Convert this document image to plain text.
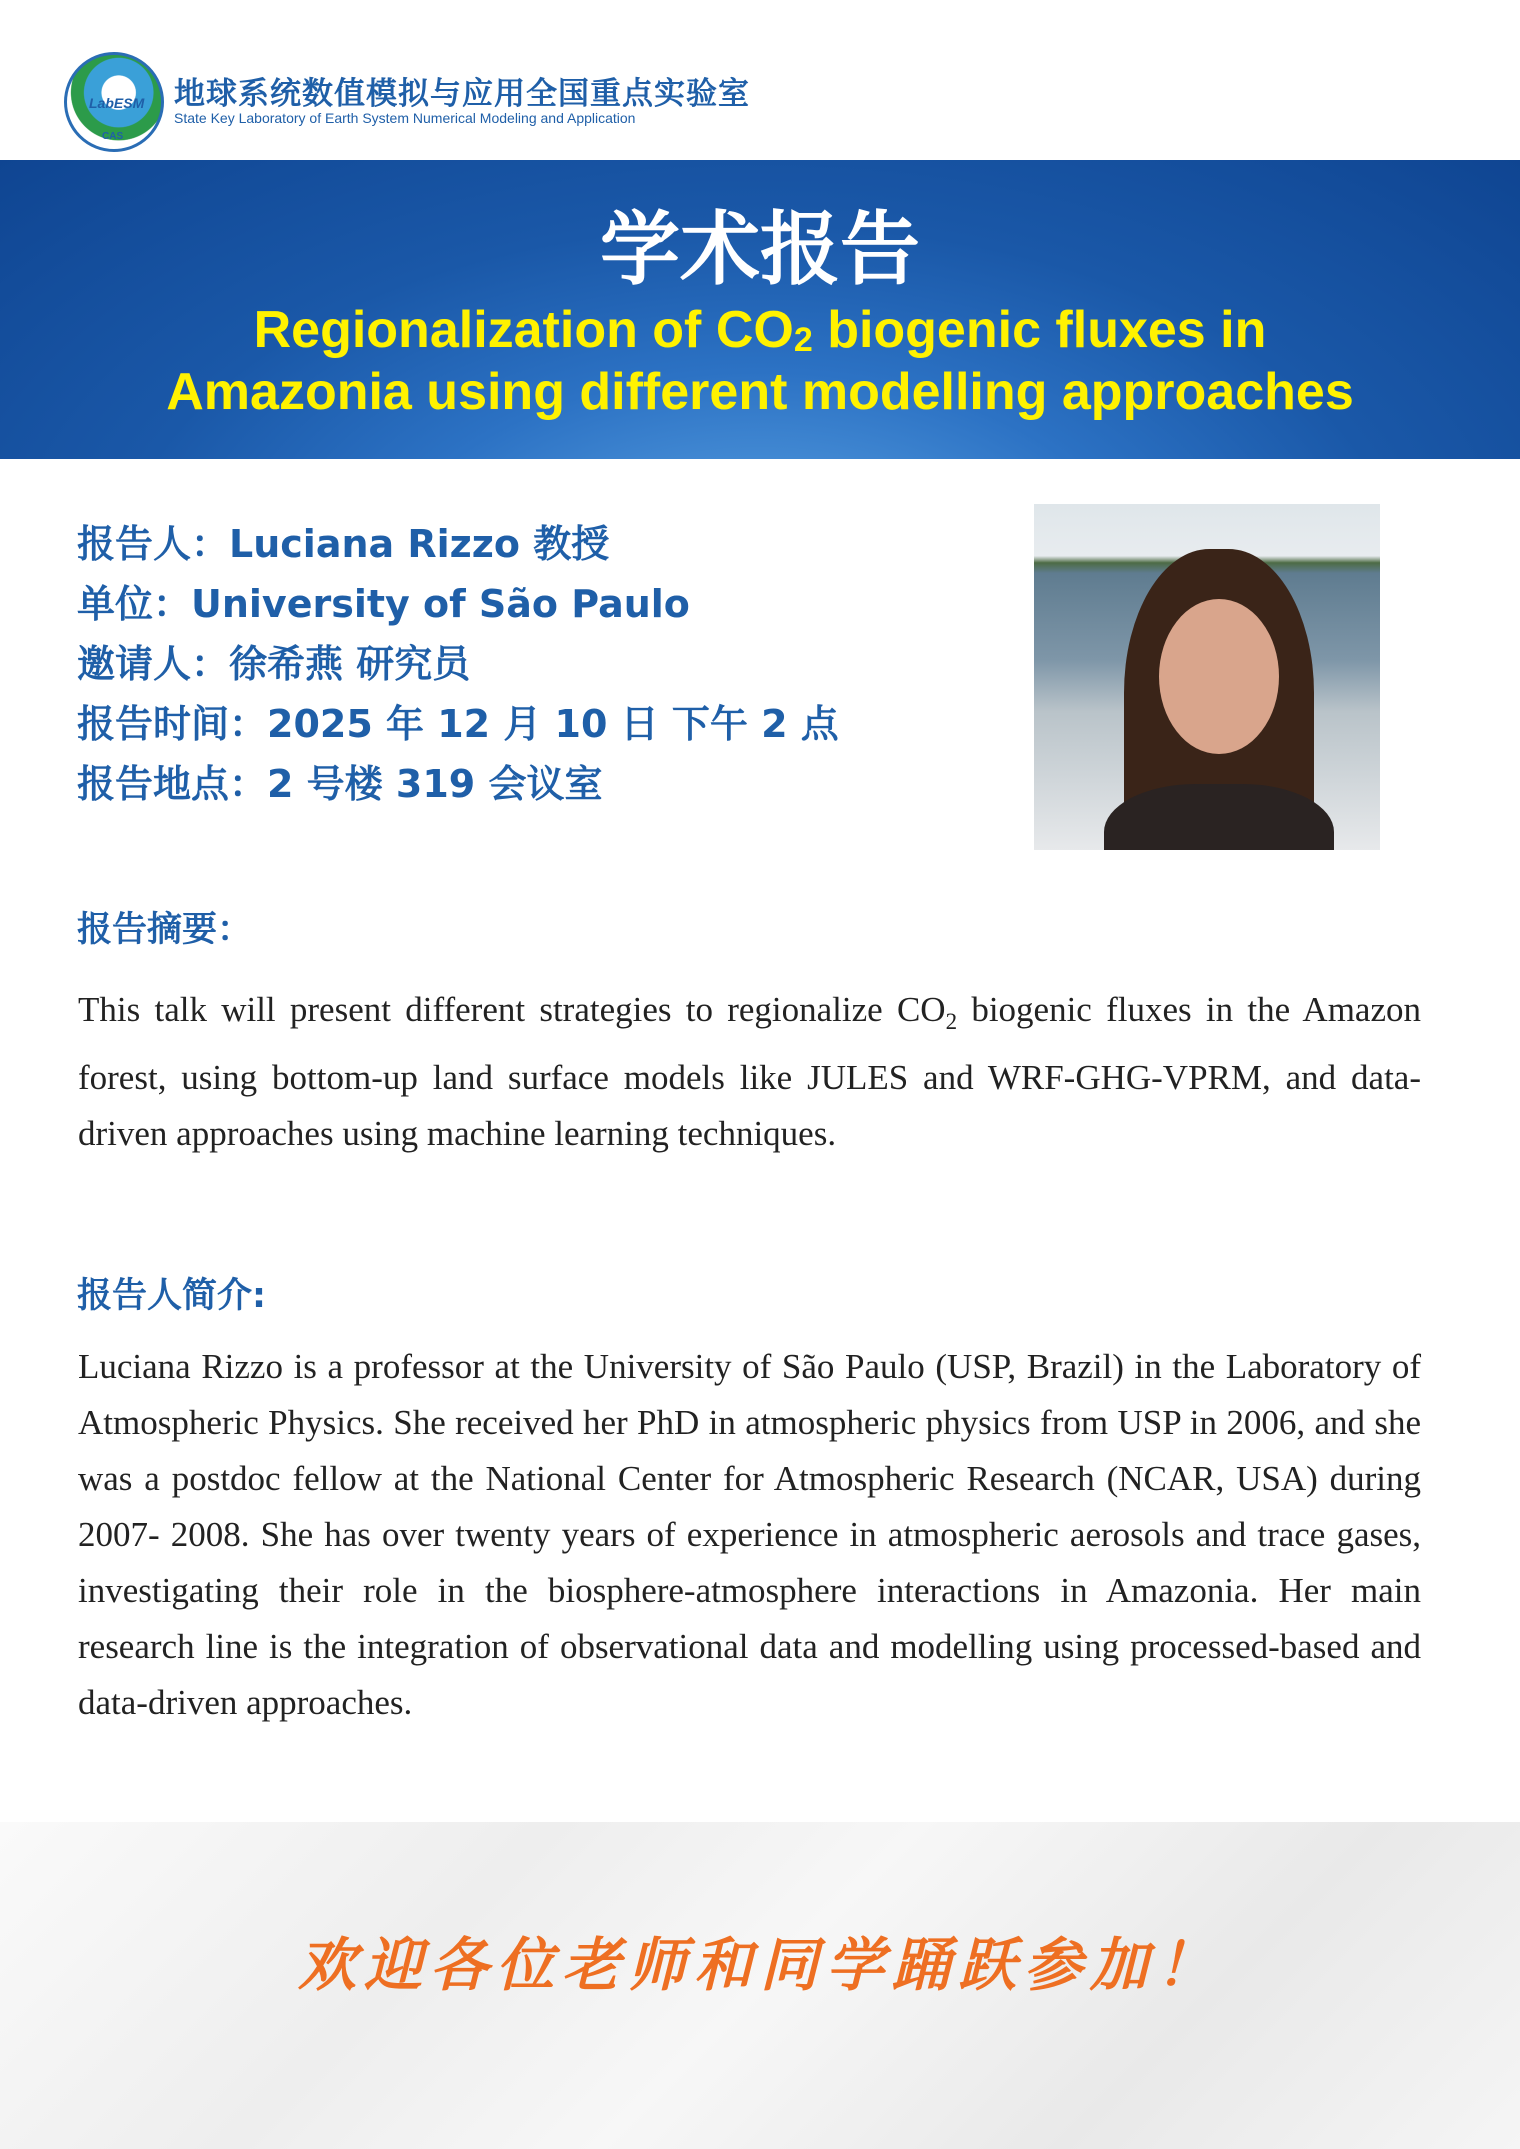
LabESM
CAS
地球系统数值模拟与应用全国重点实验室
State Key Laboratory of Earth System Numerical Modeling and Application
学术报告
Regionalization of $CO_2$ biogenic fluxes in
Amazonia using different modelling approaches
报告人：Luciana Rizzo 教授
单位：University of São Paulo
邀请人：徐希燕 研究员
报告时间：2025 年 12 月 10 日 下午 2 点
报告地点：2 号楼 319 会议室
报告摘要：
This talk will present different strategies to regionalize $CO_2$ biogenic fluxes in the Amazon forest, using bottom-up land surface models like JULES and WRF-GHG-VPRM, and data-driven approaches using machine learning techniques.
报告人简介:
Luciana Rizzo is a professor at the University of São Paulo (USP, Brazil) in the Laboratory of Atmospheric Physics. She received her PhD in atmospheric physics from USP in 2006, and she was a postdoc fellow at the National Center for Atmospheric Research (NCAR, USA) during 2007- 2008. She has over twenty years of experience in atmospheric aerosols and trace gases, investigating their role in the biosphere-atmosphere interactions in Amazonia. Her main research line is the integration of observational data and modelling using processed-based and data-driven approaches.
欢迎各位老师和同学踊跃参加！
